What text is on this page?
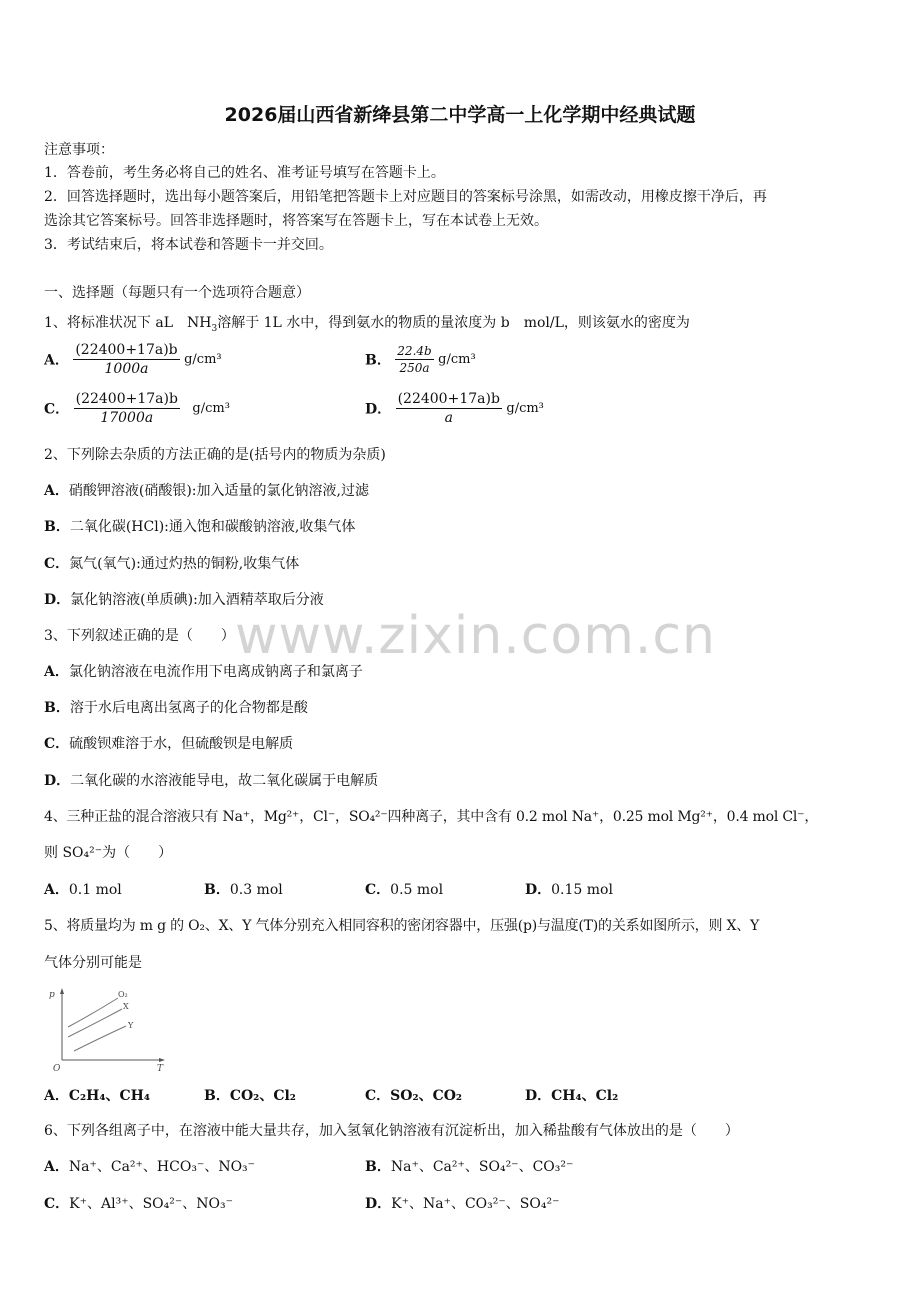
2026届山西省新绛县第二中学高一上化学期中经典试题
注意事项：
1．答卷前，考生务必将自己的姓名、准考证号填写在答题卡上。
2．回答选择题时，选出每小题答案后，用铅笔把答题卡上对应题目的答案标号涂黑，如需改动，用橡皮擦干净后，再
选涂其它答案标号。回答非选择题时，将答案写在答题卡上，写在本试卷上无效。
3．考试结束后，将本试卷和答题卡一并交回。
一、选择题（每题只有一个选项符合题意）
1、将标准状况下 aL　$NH_3$溶解于 1L 水中，得到氨水的物质的量浓度为 b　mol/L，则该氨水的密度为
A． $\frac{(22400+17a)b}{1000a} g/cm^3$	B． $\frac{22.4b}{250a} g/cm^3$
C． $\frac{(22400+17a)b}{17000a} g/cm^3$	D． $\frac{(22400+17a)b}{a} g/cm^3$
2、下列除去杂质的方法正确的是(括号内的物质为杂质)
A．硝酸钾溶液(硝酸银):加入适量的氯化钠溶液,过滤
B．二氧化碳(HCl):通入饱和碳酸钠溶液,收集气体
C．氮气(氧气):通过灼热的铜粉,收集气体
D．氯化钠溶液(单质碘):加入酒精萃取后分液
www.zixin.com.cn
3、下列叙述正确的是（　　）
A．氯化钠溶液在电流作用下电离成钠离子和氯离子
B．溶于水后电离出氢离子的化合物都是酸
C．硫酸钡难溶于水，但硫酸钡是电解质
D．二氧化碳的水溶液能导电，故二氧化碳属于电解质
4、三种正盐的混合溶液只有 Na⁺，Mg²⁺，Cl⁻，SO₄²⁻四种离子，其中含有 0.2 mol Na⁺，0.25 mol Mg²⁺，0.4 mol Cl⁻，
则 SO₄²⁻为（　　）
A．0.1 mol	B．0.3 mol	C．0.5 mol	D．0.15 mol
5、将质量均为 m g 的 O₂、X、Y 气体分别充入相同容积的密闭容器中，压强(p)与温度(T)的关系如图所示，则 X、Y
气体分别可能是
p
T
O
O₂
X
Y
A．C₂H₄、CH₄	B．CO₂、Cl₂	C．SO₂、CO₂	D．CH₄、Cl₂
6、下列各组离子中，在溶液中能大量共存，加入氢氧化钠溶液有沉淀析出，加入稀盐酸有气体放出的是（　　）
A．Na⁺、Ca²⁺、HCO₃⁻、NO₃⁻	B．Na⁺、Ca²⁺、SO₄²⁻、CO₃²⁻
C．K⁺、Al³⁺、SO₄²⁻、NO₃⁻	D．K⁺、Na⁺、CO₃²⁻、SO₄²⁻
